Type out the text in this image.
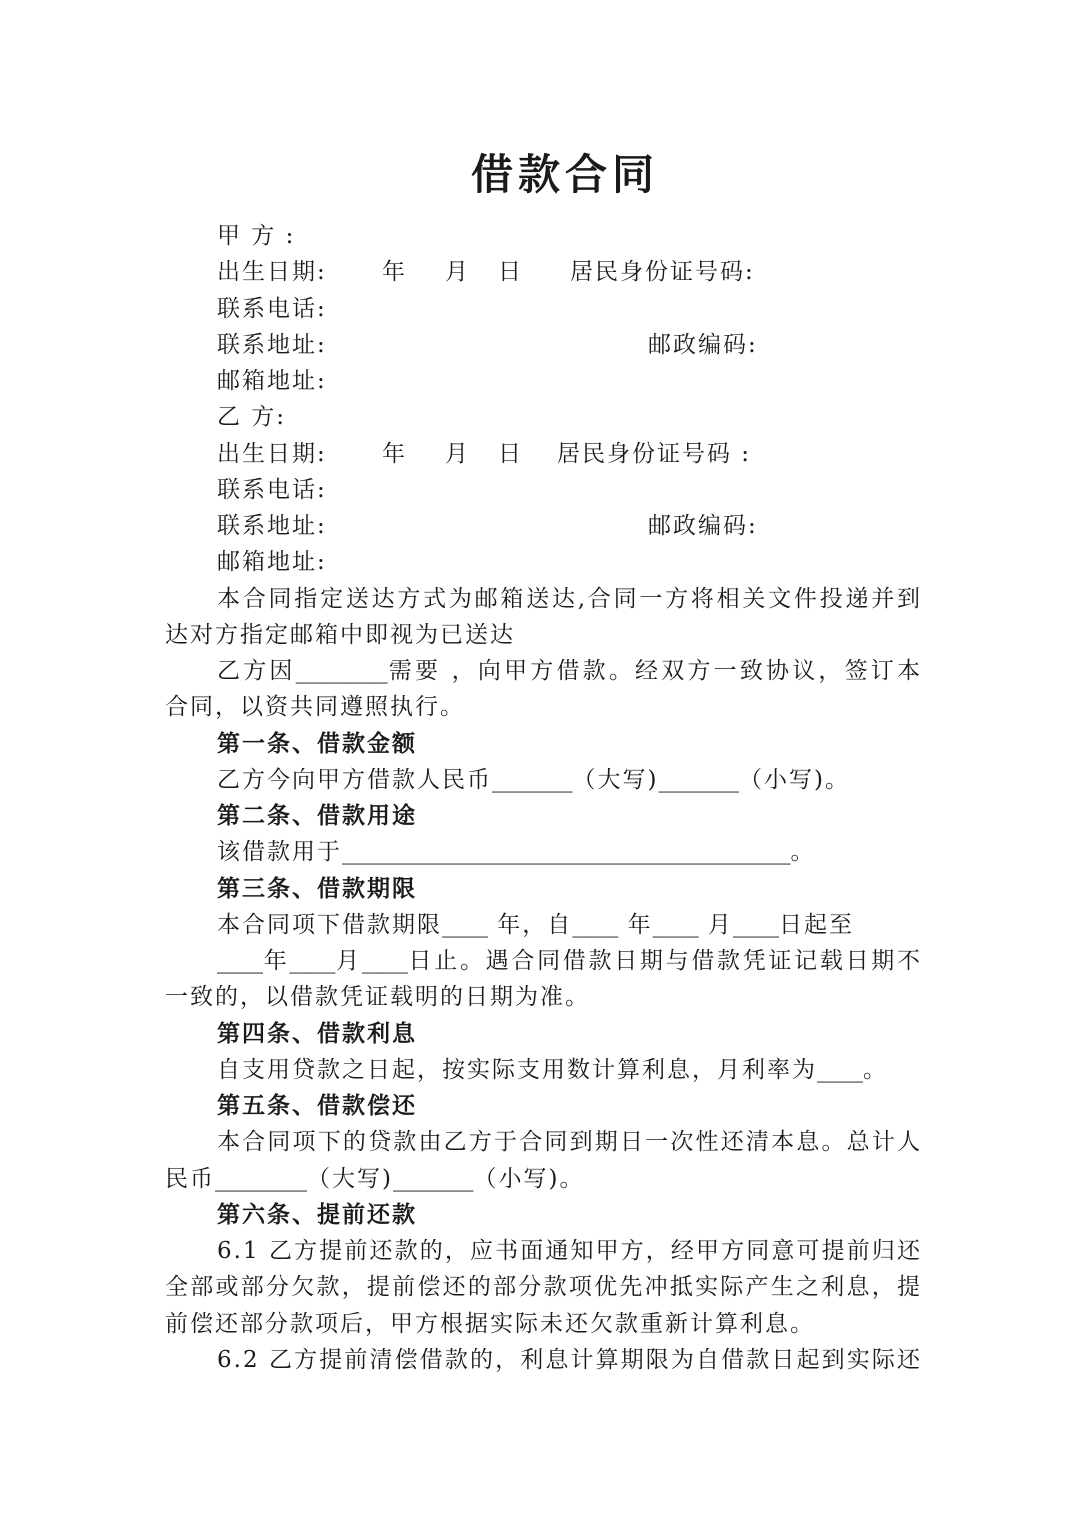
借款合同
甲 方 :
出生日期: 年 月 日 居民身份证号码:
联系电话:
联系地址:	邮政编码:
邮箱地址:
乙 方:
出生日期: 年 月 日 居民身份证号码 :
联系电话:
联系地址:	邮政编码:
邮箱地址:
本合同指定送达方式为邮箱送达,合同一方将相关文件投递并到
达对方指定邮箱中即视为已送达
乙方因________需要 ，向甲方借款。经双方一致协议，签订本
合同，以资共同遵照执行。
第一条、借款金额
乙方今向甲方借款人民币_______（大写)_______（小写)。
第二条、借款用途
该借款用于_______________________________________。
第三条、借款期限
本合同项下借款期限____ 年，自____ 年____ 月____日起至
____年____月____日止。遇合同借款日期与借款凭证记载日期不
一致的，以借款凭证载明的日期为准。
第四条、借款利息
自支用贷款之日起，按实际支用数计算利息，月利率为____。
第五条、借款偿还
本合同项下的贷款由乙方于合同到期日一次性还清本息。总计人
民币________（大写)_______（小写)。
第六条、提前还款
6.1 乙方提前还款的，应书面通知甲方，经甲方同意可提前归还
全部或部分欠款，提前偿还的部分款项优先冲抵实际产生之利息，提
前偿还部分款项后，甲方根据实际未还欠款重新计算利息。
6.2 乙方提前清偿借款的，利息计算期限为自借款日起到实际还
